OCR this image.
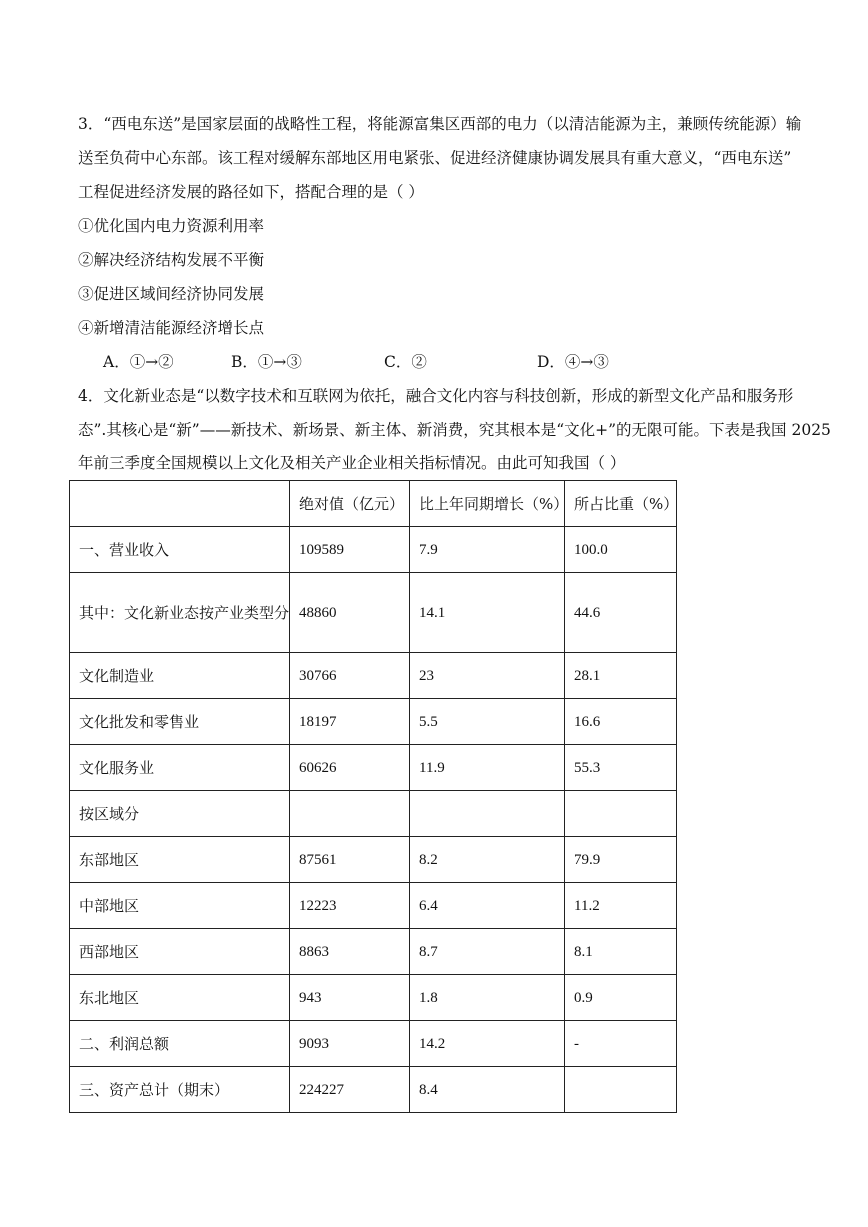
3．“西电东送”是国家层面的战略性工程，将能源富集区西部的电力（以清洁能源为主，兼顾传统能源）输
送至负荷中心东部。该工程对缓解东部地区用电紧张、促进经济健康协调发展具有重大意义，“西电东送”
工程促进经济发展的路径如下，搭配合理的是（ ）
①优化国内电力资源利用率
②解决经济结构发展不平衡
③促进区域间经济协同发展
④新增清洁能源经济增长点
A．①→②	B．①→③	C．②	D．④→③
4．文化新业态是“以数字技术和互联网为依托，融合文化内容与科技创新，形成的新型文化产品和服务形
态”.其核心是“新”——新技术、新场景、新主体、新消费，究其根本是“文化+”的无限可能。下表是我国 2025
年前三季度全国规模以上文化及相关产业企业相关指标情况。由此可知我国（ ）
	绝对值（亿元）	比上年同期增长（%）	所占比重（%）
一、营业收入	109589	7.9	100.0
其中：文化新业态按产业类型分	48860	14.1	44.6
文化制造业	30766	23	28.1
文化批发和零售业	18197	5.5	16.6
文化服务业	60626	11.9	55.3
按区域分			
东部地区	87561	8.2	79.9
中部地区	12223	6.4	11.2
西部地区	8863	8.7	8.1
东北地区	943	1.8	0.9
二、利润总额	9093	14.2	-
三、资产总计（期末）	224227	8.4	
